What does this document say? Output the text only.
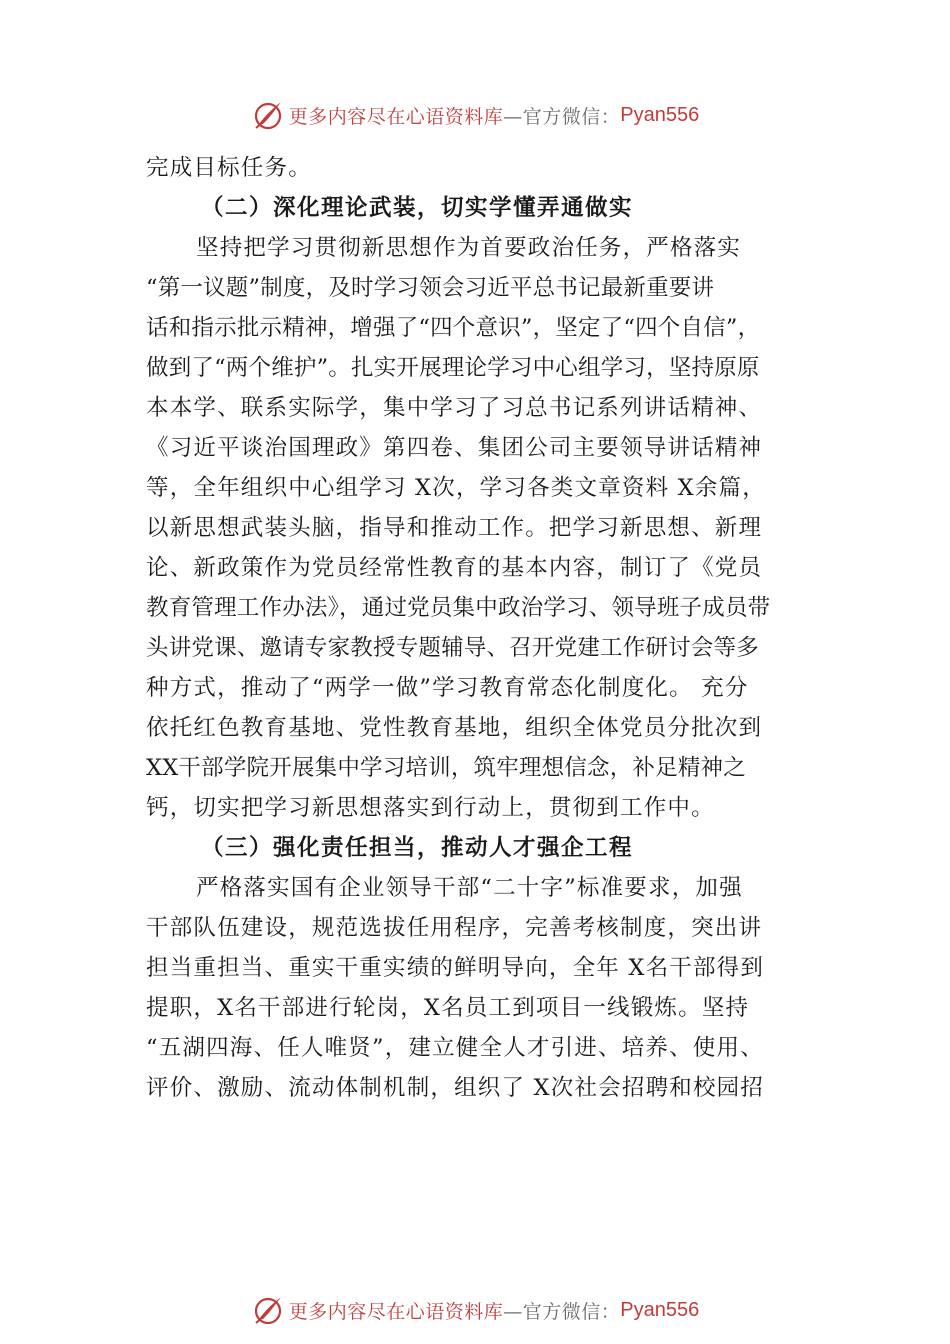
更多内容尽在心语资料库 —官方微信： Pyan556
完成目标任务。
（二）深化理论武装，切实学懂弄通做实
坚持把学习贯彻新思想作为首要政治任务，严格落实
“第一议题”制度，及时学习领会习近平总书记最新重要讲
话和指示批示精神，增强了“四个意识”，坚定了“四个自信”，
做到了“两个维护”。扎实开展理论学习中心组学习，坚持原原
本本学、联系实际学，集中学习了习总书记系列讲话精神、
《习近平谈治国理政》第四卷、集团公司主要领导讲话精神
等，全年组织中心组学习 X次，学习各类文章资料 X余篇，
以新思想武装头脑，指导和推动工作。把学习新思想、新理
论、新政策作为党员经常性教育的基本内容，制订了《党员
教育管理工作办法》，通过党员集中政治学习、领导班子成员带
头讲党课、邀请专家教授专题辅导、召开党建工作研讨会等多
种方式，推动了“两学一做”学习教育常态化制度化。 充分
依托红色教育基地、党性教育基地，组织全体党员分批次到
XX干部学院开展集中学习培训，筑牢理想信念，补足精神之
钙，切实把学习新思想落实到行动上，贯彻到工作中。
（三）强化责任担当，推动人才强企工程
严格落实国有企业领导干部“二十字”标准要求，加强
干部队伍建设，规范选拔任用程序，完善考核制度，突出讲
担当重担当、重实干重实绩的鲜明导向，全年 X名干部得到
提职，X名干部进行轮岗，X名员工到项目一线锻炼。坚持
“五湖四海、任人唯贤”，建立健全人才引进、培养、使用、
评价、激励、流动体制机制，组织了 X次社会招聘和校园招
更多内容尽在心语资料库 —官方微信： Pyan556
